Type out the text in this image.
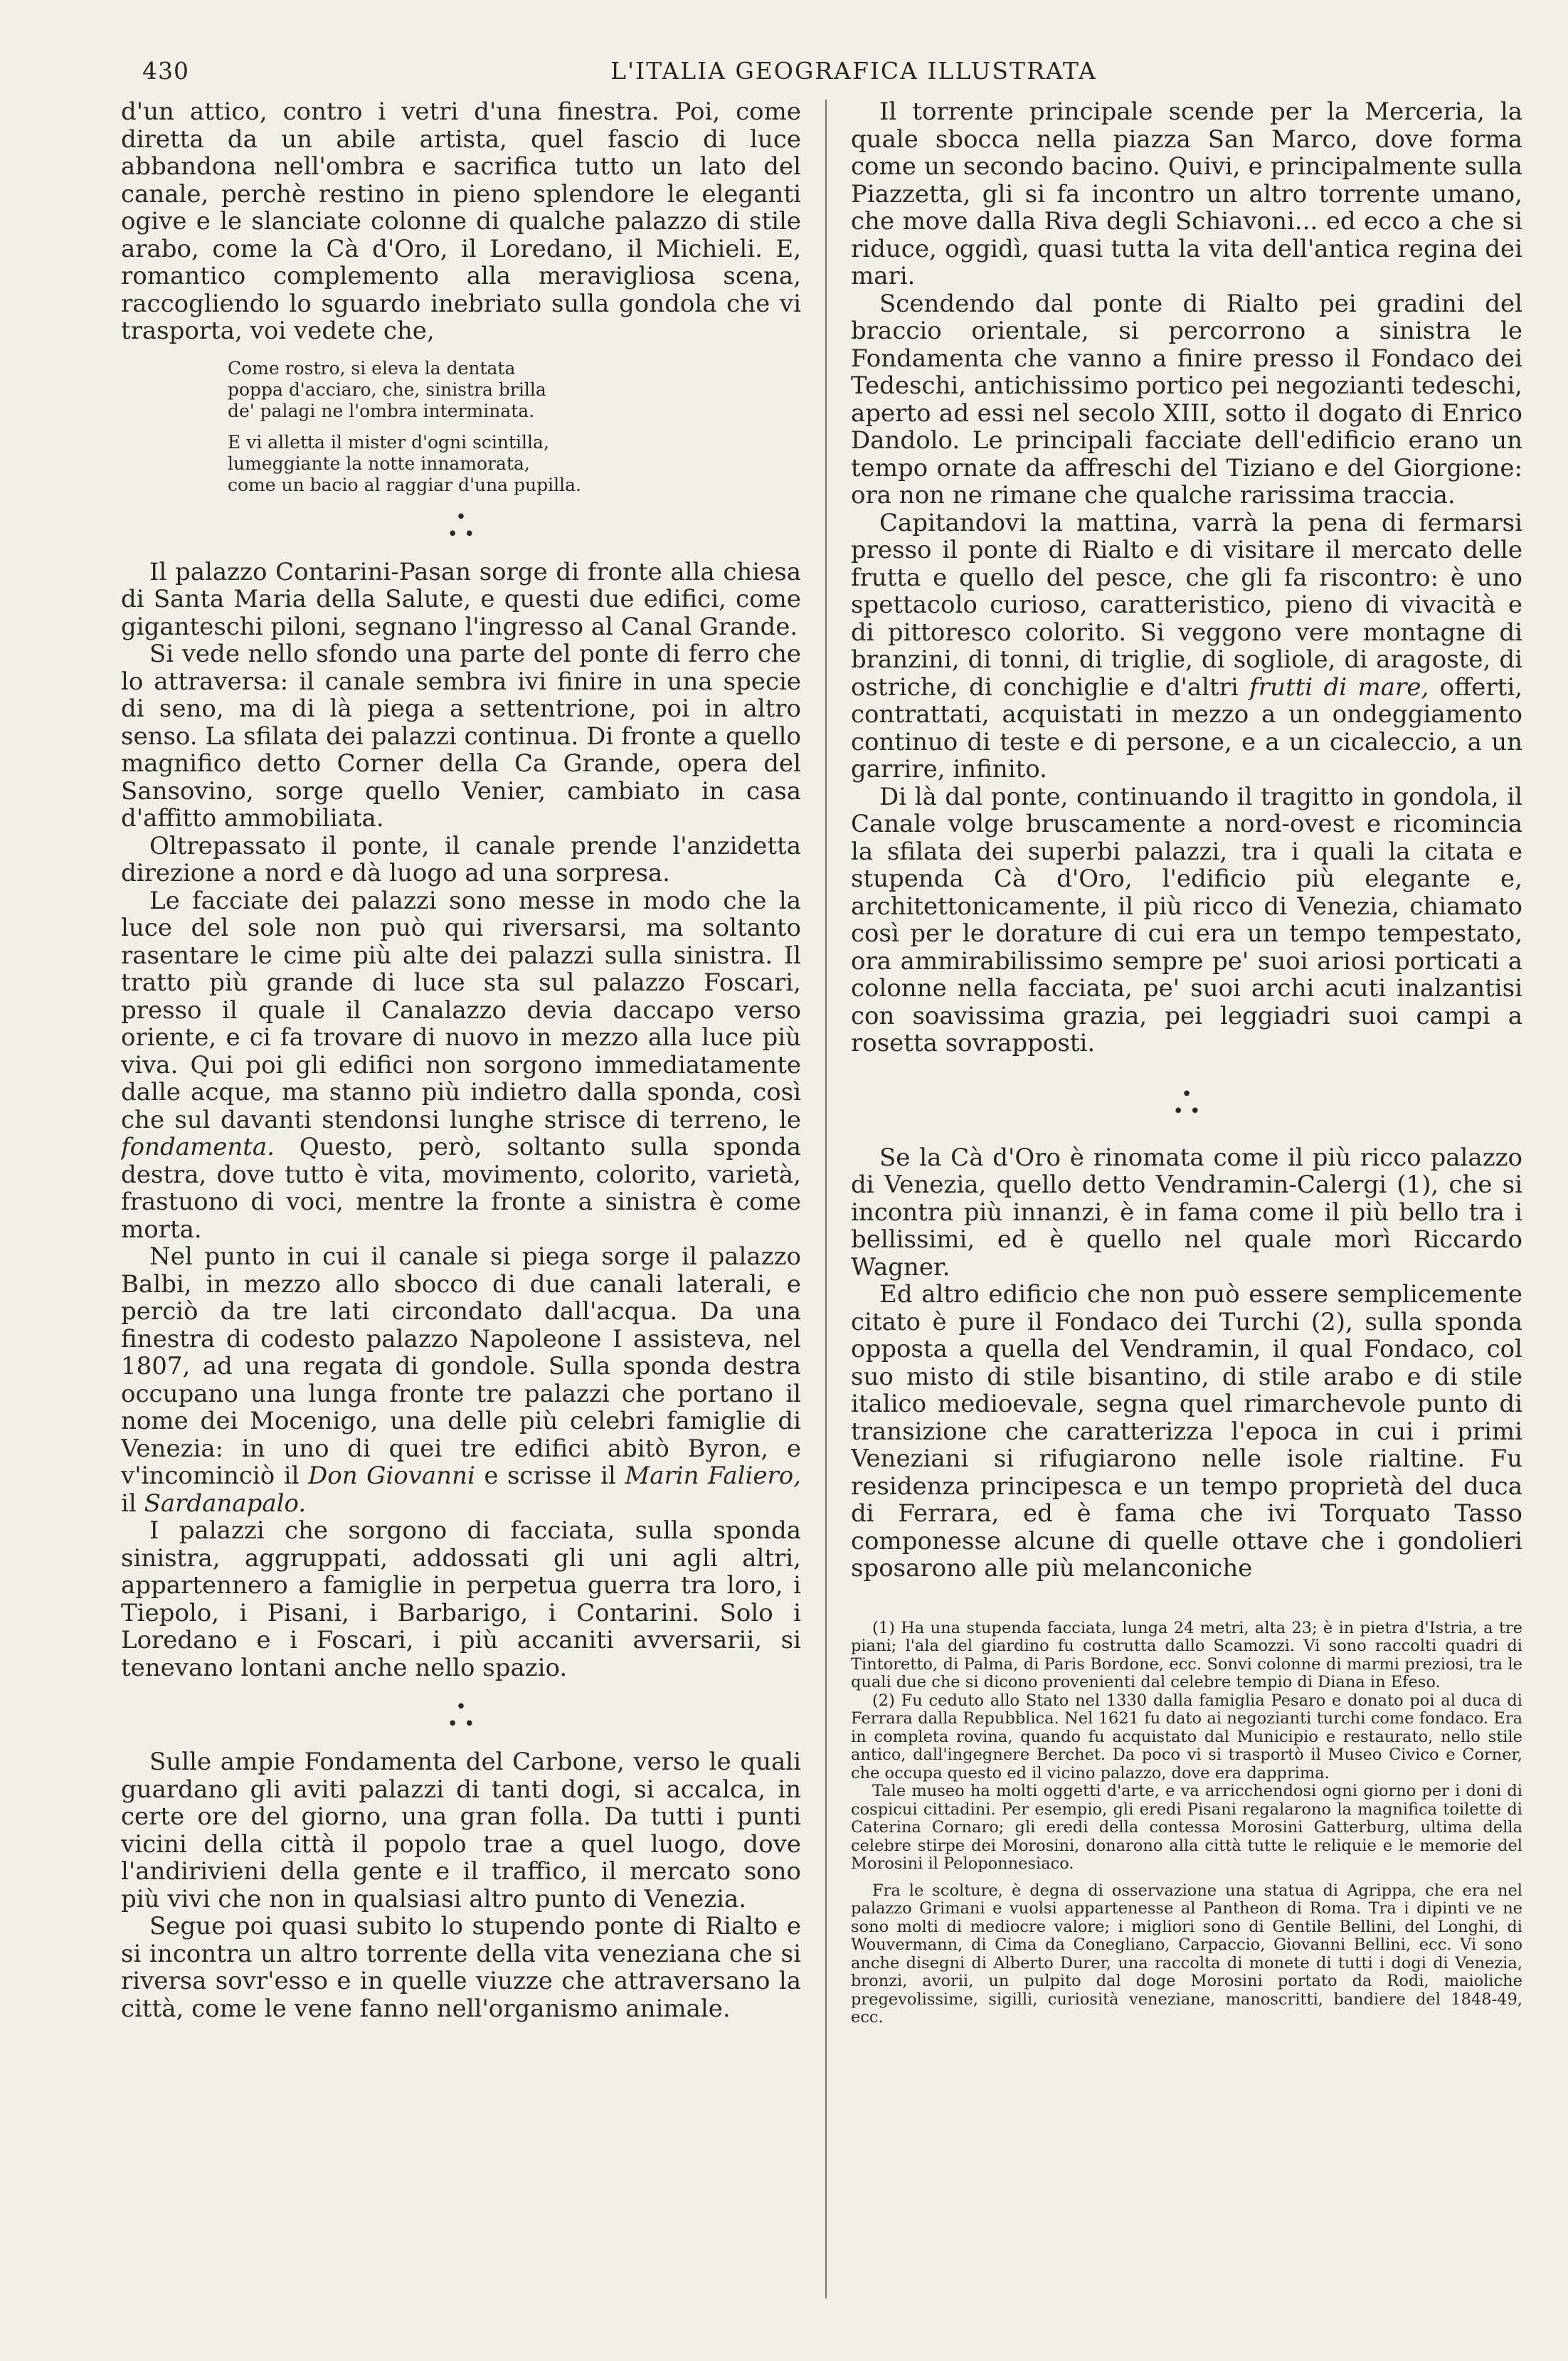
430	L'ITALIA GEOGRAFICA ILLUSTRATA

d'un attico, contro i vetri d'una finestra. Poi, come diretta da un abile artista, quel fascio di luce abbandona nell'ombra e sacrifica tutto un lato del canale, perchè restino in pieno splendore le eleganti ogive e le slanciate colonne di qualche palazzo di stile arabo, come la Cà d'Oro, il Loredano, il Michieli. E, romantico complemento alla meravigliosa scena, raccogliendo lo sguardo inebriato sulla gondola che vi trasporta, voi vedete che,

Come rostro, si eleva la dentata
poppa d'acciaro, che, sinistra brilla
de' palagi ne l'ombra interminata.
E vi alletta il mister d'ogni scintilla,
lumeggiante la notte innamorata,
come un bacio al raggiar d'una pupilla.
•
• •

Il palazzo Contarini-Pasan sorge di fronte alla chiesa di Santa Maria della Salute, e questi due edifici, come giganteschi piloni, segnano l'ingresso al Canal Grande.

Si vede nello sfondo una parte del ponte di ferro che lo attraversa: il canale sembra ivi finire in una specie di seno, ma di là piega a settentrione, poi in altro senso. La sfilata dei palazzi continua. Di fronte a quello magnifico detto Corner della Ca Grande, opera del Sansovino, sorge quello Venier, cambiato in casa d'affitto ammobiliata.

Oltrepassato il ponte, il canale prende l'anzidetta direzione a nord e dà luogo ad una sorpresa.

Le facciate dei palazzi sono messe in modo che la luce del sole non può qui riversarsi, ma soltanto rasentare le cime più alte dei palazzi sulla sinistra. Il tratto più grande di luce sta sul palazzo Foscari, presso il quale il Canalazzo devia daccapo verso oriente, e ci fa trovare di nuovo in mezzo alla luce più viva. Qui poi gli edifici non sorgono immediatamente dalle acque, ma stanno più indietro dalla sponda, così che sul davanti stendonsi lunghe strisce di terreno, le fondamenta. Questo, però, soltanto sulla sponda destra, dove tutto è vita, movimento, colorito, varietà, frastuono di voci, mentre la fronte a sinistra è come morta.

Nel punto in cui il canale si piega sorge il palazzo Balbi, in mezzo allo sbocco di due canali laterali, e perciò da tre lati circondato dall'acqua. Da una finestra di codesto palazzo Napoleone I assisteva, nel 1807, ad una regata di gondole. Sulla sponda destra occupano una lunga fronte tre palazzi che portano il nome dei Mocenigo, una delle più celebri famiglie di Venezia: in uno di quei tre edifici abitò Byron, e v'incominciò il Don Giovanni e scrisse il Marin Faliero, il Sardanapalo.

I palazzi che sorgono di facciata, sulla sponda sinistra, aggruppati, addossati gli uni agli altri, appartennero a famiglie in perpetua guerra tra loro, i Tiepolo, i Pisani, i Barbarigo, i Contarini. Solo i Loredano e i Foscari, i più accaniti avversarii, si tenevano lontani anche nello spazio.

•
• •

Sulle ampie Fondamenta del Carbone, verso le quali guardano gli aviti palazzi di tanti dogi, si accalca, in certe ore del giorno, una gran folla. Da tutti i punti vicini della città il popolo trae a quel luogo, dove l'andirivieni della gente e il traffico, il mercato sono più vivi che non in qualsiasi altro punto di Venezia.

Segue poi quasi subito lo stupendo ponte di Rialto e si incontra un altro torrente della vita veneziana che si riversa sovr'esso e in quelle viuzze che attraversano la città, come le vene fanno nell'organismo animale.

Il torrente principale scende per la Merceria, la quale sbocca nella piazza San Marco, dove forma come un secondo bacino. Quivi, e principalmente sulla Piazzetta, gli si fa incontro un altro torrente umano, che move dalla Riva degli Schiavoni... ed ecco a che si riduce, oggidì, quasi tutta la vita dell'antica regina dei mari.

Scendendo dal ponte di Rialto pei gradini del braccio orientale, si percorrono a sinistra le Fondamenta che vanno a finire presso il Fondaco dei Tedeschi, antichissimo portico pei negozianti tedeschi, aperto ad essi nel secolo XIII, sotto il dogato di Enrico Dandolo. Le principali facciate dell'edificio erano un tempo ornate da affreschi del Tiziano e del Giorgione: ora non ne rimane che qualche rarissima traccia.

Capitandovi la mattina, varrà la pena di fermarsi presso il ponte di Rialto e di visitare il mercato delle frutta e quello del pesce, che gli fa riscontro: è uno spettacolo curioso, caratteristico, pieno di vivacità e di pittoresco colorito. Si veggono vere montagne di branzini, di tonni, di triglie, di sogliole, di aragoste, di ostriche, di conchiglie e d'altri frutti di mare, offerti, contrattati, acquistati in mezzo a un ondeggiamento continuo di teste e di persone, e a un cicaleccio, a un garrire, infinito.

Di là dal ponte, continuando il tragitto in gondola, il Canale volge bruscamente a nord-ovest e ricomincia la sfilata dei superbi palazzi, tra i quali la citata e stupenda Cà d'Oro, l'edificio più elegante e, architettonicamente, il più ricco di Venezia, chiamato così per le dorature di cui era un tempo tempestato, ora ammirabilissimo sempre pe' suoi ariosi porticati a colonne nella facciata, pe' suoi archi acuti inalzantisi con soavissima grazia, pei leggiadri suoi campi a rosetta sovrapposti.

•
• •

Se la Cà d'Oro è rinomata come il più ricco palazzo di Venezia, quello detto Vendramin-Calergi (1), che si incontra più innanzi, è in fama come il più bello tra i bellissimi, ed è quello nel quale morì Riccardo Wagner.

Ed altro edificio che non può essere semplicemente citato è pure il Fondaco dei Turchi (2), sulla sponda opposta a quella del Vendramin, il qual Fondaco, col suo misto di stile bisantino, di stile arabo e di stile italico medioevale, segna quel rimarchevole punto di transizione che caratterizza l'epoca in cui i primi Veneziani si rifugiarono nelle isole rialtine. Fu residenza principesca e un tempo proprietà del duca di Ferrara, ed è fama che ivi Torquato Tasso componesse alcune di quelle ottave che i gondolieri sposarono alle più melanconiche

(1) Ha una stupenda facciata, lunga 24 metri, alta 23; è in pietra d'Istria, a tre piani; l'ala del giardino fu costrutta dallo Scamozzi. Vi sono raccolti quadri di Tintoretto, di Palma, di Paris Bordone, ecc. Sonvi colonne di marmi preziosi, tra le quali due che si dicono provenienti dal celebre tempio di Diana in Efeso.

(2) Fu ceduto allo Stato nel 1330 dalla famiglia Pesaro e donato poi al duca di Ferrara dalla Repubblica. Nel 1621 fu dato ai negozianti turchi come fondaco. Era in completa rovina, quando fu acquistato dal Municipio e restaurato, nello stile antico, dall'ingegnere Berchet. Da poco vi si trasportò il Museo Civico e Corner, che occupa questo ed il vicino palazzo, dove era dapprima.

Tale museo ha molti oggetti d'arte, e va arricchendosi ogni giorno per i doni di cospicui cittadini. Per esempio, gli eredi Pisani regalarono la magnifica toilette di Caterina Cornaro; gli eredi della contessa Morosini Gatterburg, ultima della celebre stirpe dei Morosini, donarono alla città tutte le reliquie e le memorie del Morosini il Peloponnesiaco.

Fra le scolture, è degna di osservazione una statua di Agrippa, che era nel palazzo Grimani e vuolsi appartenesse al Pantheon di Roma. Tra i dipinti ve ne sono molti di mediocre valore; i migliori sono di Gentile Bellini, del Longhi, di Wouvermann, di Cima da Conegliano, Carpaccio, Giovanni Bellini, ecc. Vi sono anche disegni di Alberto Durer, una raccolta di monete di tutti i dogi di Venezia, bronzi, avorii, un pulpito dal doge Morosini portato da Rodi, maioliche pregevolissime, sigilli, curiosità veneziane, manoscritti, bandiere del 1848-49, ecc.
